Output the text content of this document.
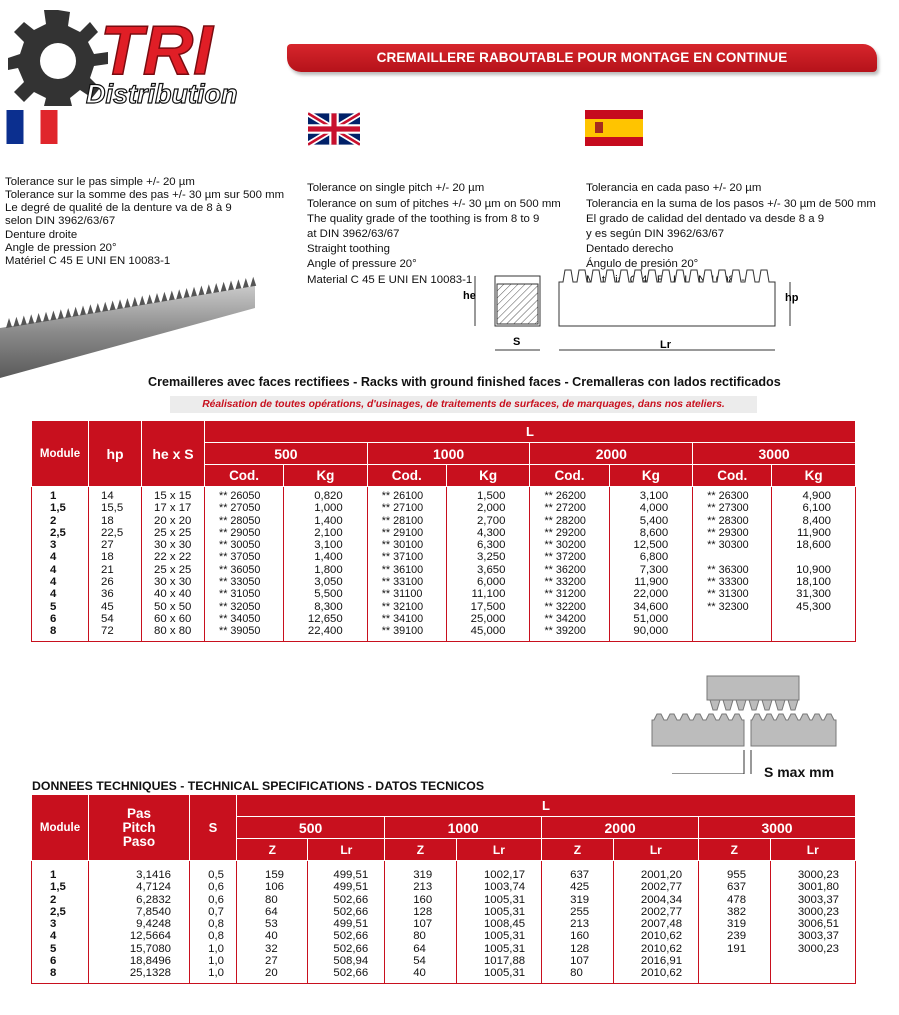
TRI
Distribution
CREMAILLERE RABOUTABLE POUR MONTAGE EN CONTINUE

Tolerance sur le pas simple +/- 20 µm
Tolerance sur la somme des pas +/- 30 µm sur 500 mm
Le degré de qualité de la denture va de 8 à 9
selon DIN 3962/63/67
Denture droite
Angle de pression 20°
Matériel C 45 E UNI EN 10083-1

Tolerance on single pitch +/- 20 µm
Tolerance on sum of pitches +/- 30 µm on 500 mm
The quality grade of the toothing is from 8 to 9
at DIN 3962/63/67
Straight toothing
Angle of pressure 20°
Material C 45 E UNI EN 10083-1

Tolerancia en cada paso +/- 20 µm
Tolerancia en la suma de los pasos +/- 30 µm de 500 mm
El grado de calidad del dentado va desde 8 a 9
y es según DIN 3962/63/67
Dentado derecho
Ángulo de presión 20°

he	hp
S	Lr
Cremailleres avec faces rectifiees - Racks with ground finished faces - Cremalleras con lados rectificados
Réalisation de toutes opérations, d'usinages, de traitements de surfaces, de marquages, dans nos ateliers.
Module	hp	he x S	L							
			500		1000		2000		3000	
			Cod.	Kg	Cod.	Kg	Cod.	Kg	Cod.	Kg
1	14	15 x 15	** 26050	0,820	** 26100	1,500	** 26200	3,100	** 26300	4,900
1,5	15,5	17 x 17	** 27050	1,000	** 27100	2,000	** 27200	4,000	** 27300	6,100
2	18	20 x 20	** 28050	1,400	** 28100	2,700	** 28200	5,400	** 28300	8,400
2,5	22,5	25 x 25	** 29050	2,100	** 29100	4,300	** 29200	8,600	** 29300	11,900
3	27	30 x 30	** 30050	3,100	** 30100	6,300	** 30200	12,500	** 30300	18,600
4	18	22 x 22	** 37050	1,400	** 37100	3,250	** 37200	6,800		
4	21	25 x 25	** 36050	1,800	** 36100	3,650	** 36200	7,300	** 36300	10,900
4	26	30 x 30	** 33050	3,050	** 33100	6,000	** 33200	11,900	** 33300	18,100
4	36	40 x 40	** 31050	5,500	** 31100	11,100	** 31200	22,000	** 31300	31,300
5	45	50 x 50	** 32050	8,300	** 32100	17,500	** 32200	34,600	** 32300	45,300
6	54	60 x 60	** 34050	12,650	** 34100	25,000	** 34200	51,000		
8	72	80 x 80	** 39050	22,400	** 39100	45,000	** 39200	90,000		
S max mm
DONNEES TECHNIQUES - TECHNICAL SPECIFICATIONS - DATOS TECNICOS
Module	Pas
Pitch
Paso	S	L							
			500		1000		2000		3000	
			Z	Lr	Z	Lr	Z	Lr	Z	Lr
1	3,1416	0,5	159	499,51	319	1002,17	637	2001,20	955	3000,23
1,5	4,7124	0,6	106	499,51	213	1003,74	425	2002,77	637	3001,80
2	6,2832	0,6	80	502,66	160	1005,31	319	2004,34	478	3003,37
2,5	7,8540	0,7	64	502,66	128	1005,31	255	2002,77	382	3000,23
3	9,4248	0,8	53	499,51	107	1008,45	213	2007,48	319	3006,51
4	12,5664	0,8	40	502,66	80	1005,31	160	2010,62	239	3003,37
5	15,7080	1,0	32	502,66	64	1005,31	128	2010,62	191	3000,23
6	18,8496	1,0	27	508,94	54	1017,88	107	2016,91		
8	25,1328	1,0	20	502,66	40	1005,31	80	2010,62		
